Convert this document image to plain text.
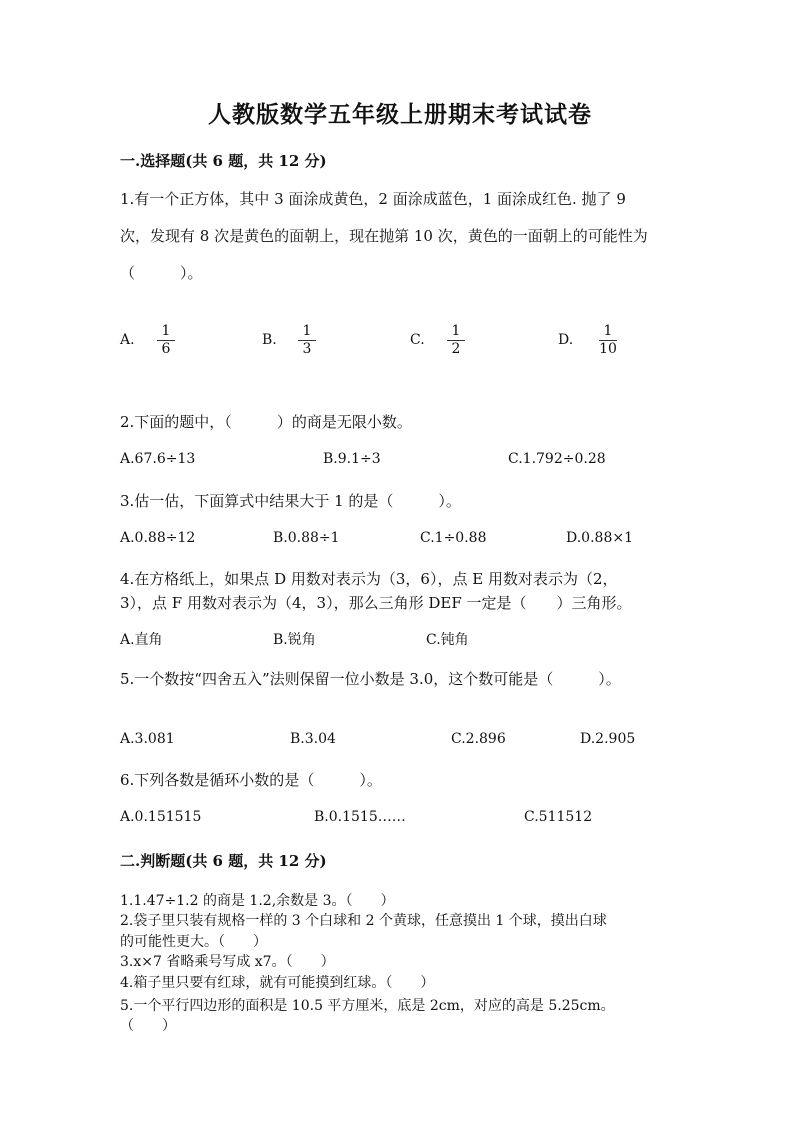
人教版数学五年级上册期末考试试卷
一.选择题(共 6 题，共 12 分)
1.有一个正方体，其中 3 面涂成黄色，2 面涂成蓝色，1 面涂成红色. 抛了 9
次，发现有 8 次是黄色的面朝上，现在抛第 10 次，黄色的一面朝上的可能性为
（　　　）。
A.
1
6
B.
1
3
C.
1
2
D.
1
10
2.下面的题中，（　　　）的商是无限小数。
A.67.6÷13	B.9.1÷3	C.1.792÷0.28
3.估一估，下面算式中结果大于 1 的是（　　　）。
A.0.88÷12	B.0.88÷1	C.1÷0.88	D.0.88×1
4.在方格纸上，如果点 D 用数对表示为（3，6），点 E 用数对表示为（2，
3），点 F 用数对表示为（4，3），那么三角形 DEF 一定是（　　）三角形。
A.直角	B.锐角	C.钝角
5.一个数按“四舍五入”法则保留一位小数是 3.0，这个数可能是（　　　）。
A.3.081	B.3.04	C.2.896	D.2.905
6.下列各数是循环小数的是（　　　）。
A.0.151515	B.0.1515……	C.511512
二.判断题(共 6 题，共 12 分)
1.1.47÷1.2 的商是 1.2,余数是 3。（　　）
2.袋子里只装有规格一样的 3 个白球和 2 个黄球，任意摸出 1 个球，摸出白球
的可能性更大。（　　）
3.x×7 省略乘号写成 x7。（　　）
4.箱子里只要有红球，就有可能摸到红球。（　　）
5.一个平行四边形的面积是 10.5 平方厘米，底是 2cm，对应的高是 5.25cm。
（　　）
